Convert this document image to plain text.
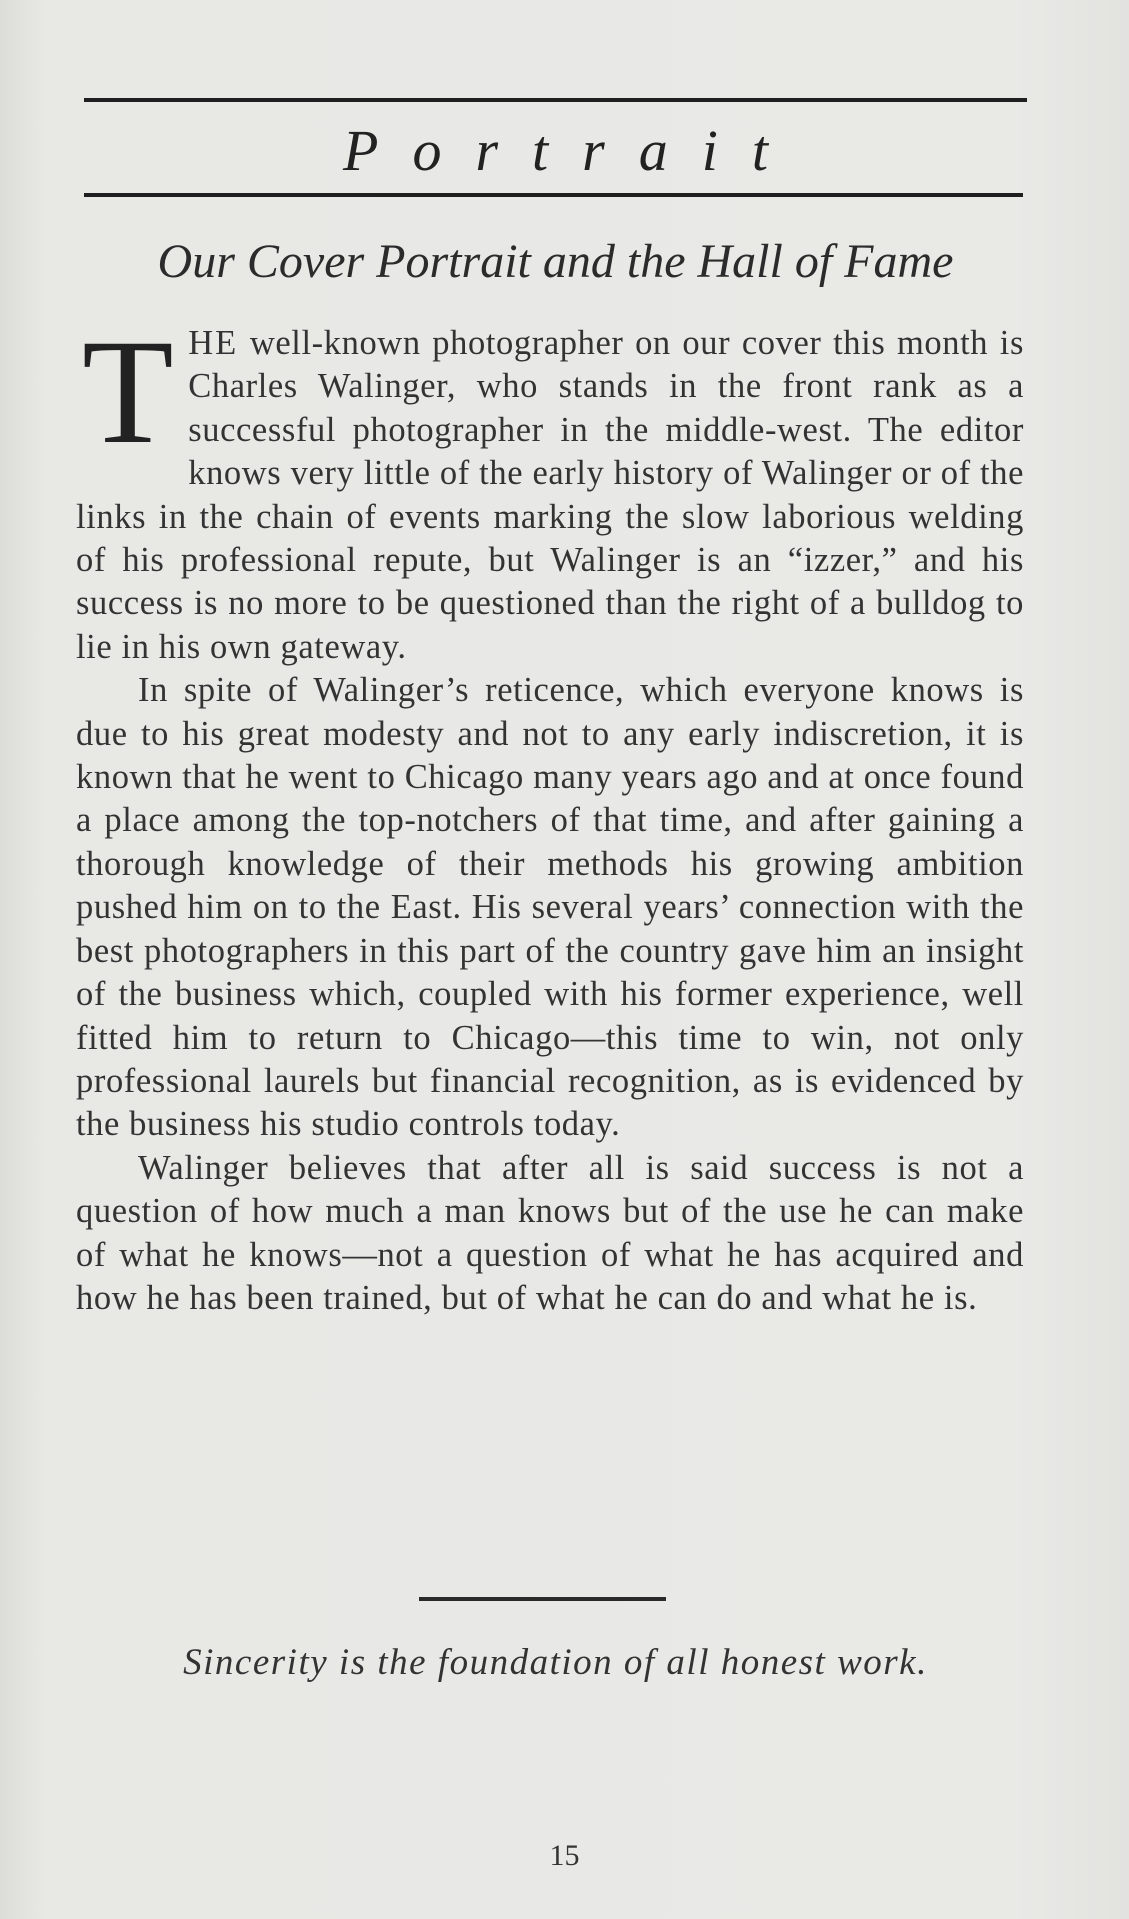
Portrait
Our Cover Portrait and the Hall of Fame

T HE well-known photographer on our cover this month is Charles Walinger, who stands in the front rank as a successful photographer in the middle-west. The editor knows very little of the early history of Walinger or of the links in the chain of events marking the slow laborious welding of his professional repute, but Walinger is an “izzer,” and his success is no more to be questioned than the right of a bulldog to lie in his own gateway.

In spite of Walinger’s reticence, which everyone knows is due to his great modesty and not to any early indiscretion, it is known that he went to Chicago many years ago and at once found a place among the top-notchers of that time, and after gaining a thorough knowledge of their methods his growing ambition pushed him on to the East. His several years’ connection with the best photographers in this part of the country gave him an insight of the business which, coupled with his former experience, well fitted him to return to Chicago—this time to win, not only professional laurels but financial recognition, as is evidenced by the business his studio controls today.

Walinger believes that after all is said success is not a question of how much a man knows but of the use he can make of what he knows—not a question of what he has acquired and how he has been trained, but of what he can do and what he is.

Sincerity is the foundation of all honest work.
15
